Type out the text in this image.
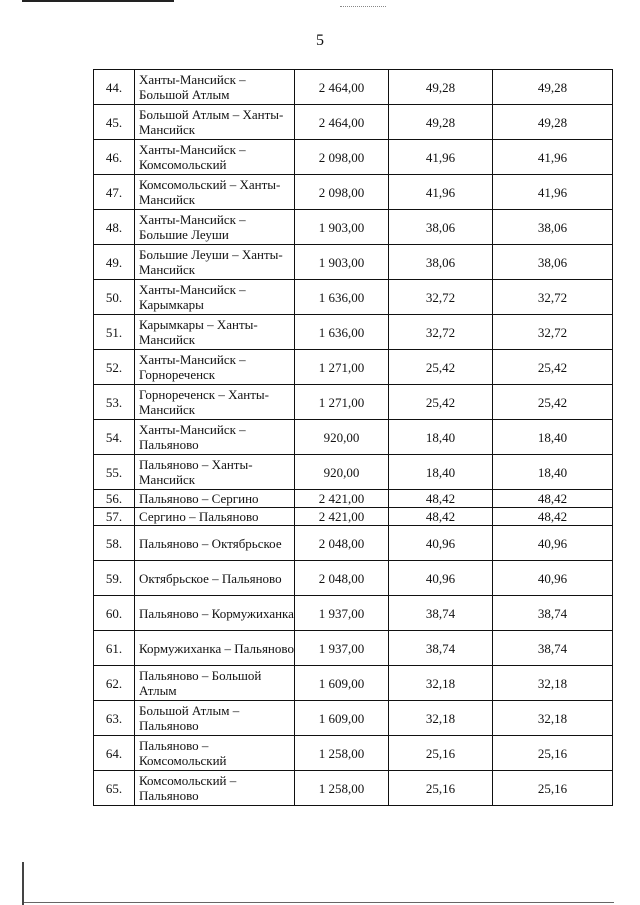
5
44.	Ханты-Мансийск – Большой Атлым	2 464,00	49,28	49,28
45.	Большой Атлым – Ханты-Мансийск	2 464,00	49,28	49,28
46.	Ханты-Мансийск – Комсомольский	2 098,00	41,96	41,96
47.	Комсомольский – Ханты-Мансийск	2 098,00	41,96	41,96
48.	Ханты-Мансийск – Большие Леуши	1 903,00	38,06	38,06
49.	Большие Леуши – Ханты-Мансийск	1 903,00	38,06	38,06
50.	Ханты-Мансийск – Карымкары	1 636,00	32,72	32,72
51.	Карымкары – Ханты-Мансийск	1 636,00	32,72	32,72
52.	Ханты-Мансийск – Горнореченск	1 271,00	25,42	25,42
53.	Горнореченск – Ханты-Мансийск	1 271,00	25,42	25,42
54.	Ханты-Мансийск – Пальяново	920,00	18,40	18,40
55.	Пальяново – Ханты-Мансийск	920,00	18,40	18,40
56.	Пальяново – Сергино	2 421,00	48,42	48,42
57.	Сергино – Пальяново	2 421,00	48,42	48,42
58.	Пальяново – Октябрьское	2 048,00	40,96	40,96
59.	Октябрьское – Пальяново	2 048,00	40,96	40,96
60.	Пальяново – Кормужиханка	1 937,00	38,74	38,74
61.	Кормужиханка – Пальяново	1 937,00	38,74	38,74
62.	Пальяново – Большой Атлым	1 609,00	32,18	32,18
63.	Большой Атлым – Пальяново	1 609,00	32,18	32,18
64.	Пальяново – Комсомольский	1 258,00	25,16	25,16
65.	Комсомольский – Пальяново	1 258,00	25,16	25,16
